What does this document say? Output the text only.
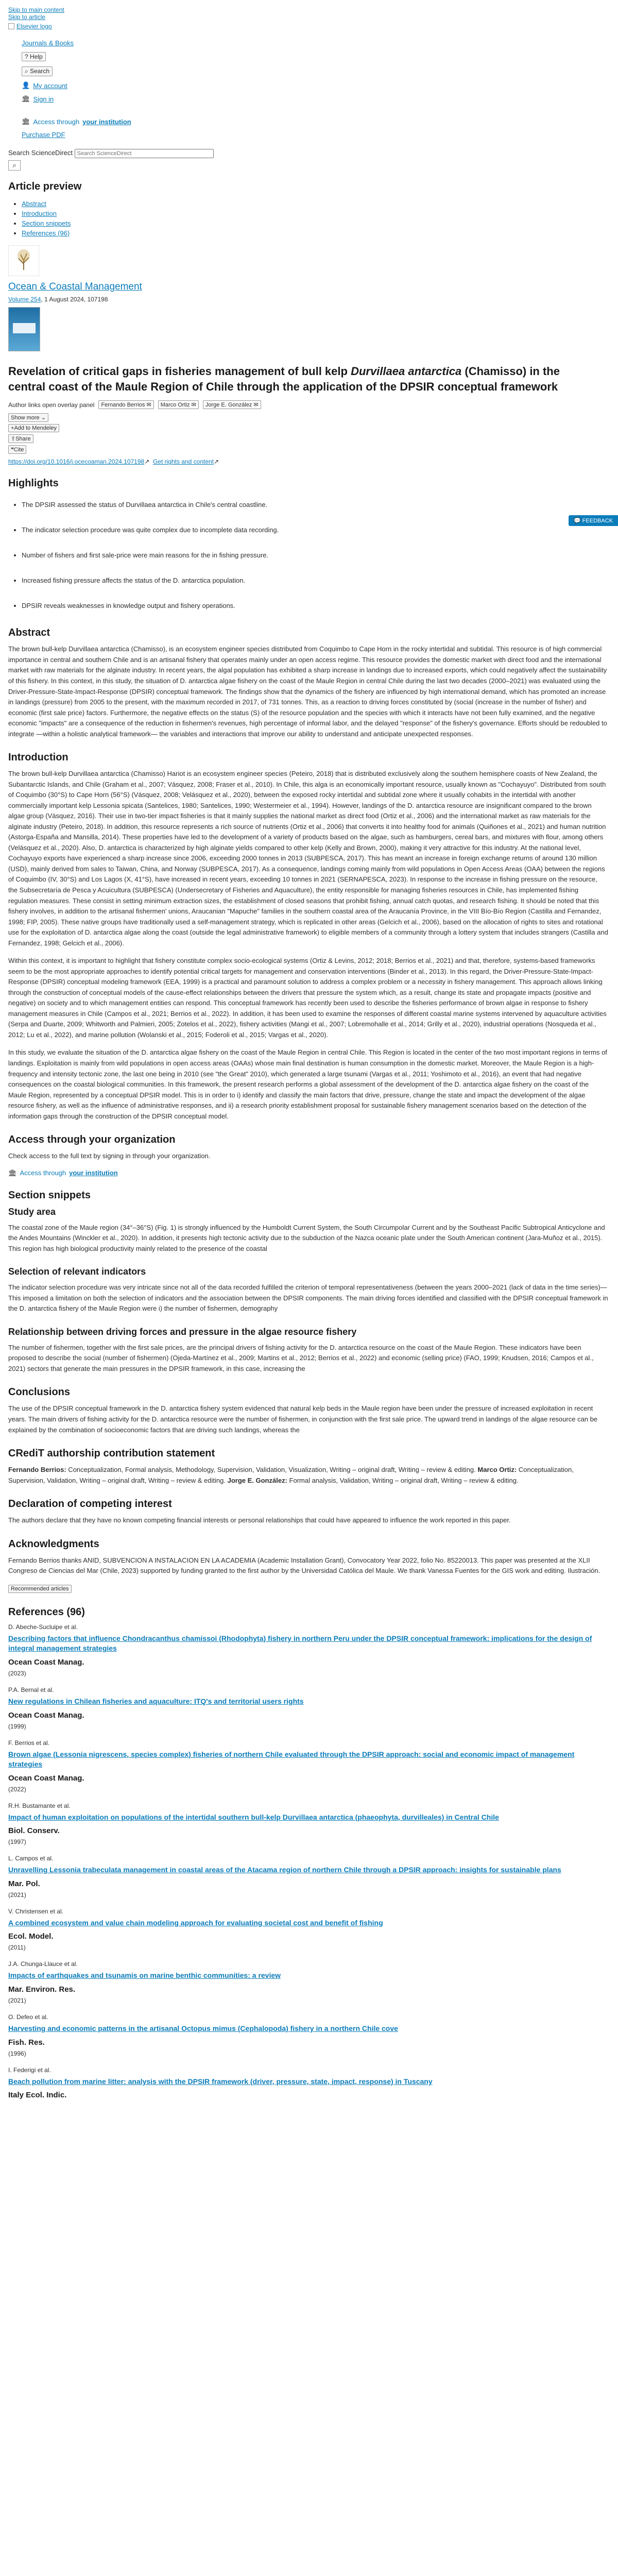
Skip to main content
Skip to article
Elsevier logo
Journals & Books
? Help
⌕ Search
👤 My account
🏛 Sign in
🏛 Access through your institution
Purchase PDF
Search ScienceDirect Search ScienceDirect
⌕
Article preview
• Abstract
• Introduction
• Section snippets
• References (96)
Ocean & Coastal Management
Volume 254, 1 August 2024, 107198
Revelation of critical gaps in fisheries management of bull kelp Durvillaea antarctica (Chamisso) in the central coast of the Maule Region of Chile through the application of the DPSIR conceptual framework
Author links open overlay panel	Fernando Berrios ✉	Marco Ortiz ✉	Jorge E. González ✉
Show more ⌄
+Add to Mendeley
⇪Share
❝Cite
https://doi.org/10.1016/j.ocecoaman.2024.107198↗ Get rights and content↗
Highlights

• The DPSIR assessed the status of Durvillaea antarctica in Chile's central coastline.

• The indicator selection procedure was quite complex due to incomplete data recording.

• Number of fishers and first sale-price were main reasons for the in fishing pressure.

• Increased fishing pressure affects the status of the D. antarctica population.

• DPSIR reveals weaknesses in knowledge output and fishery operations.

Abstract

The brown bull-kelp Durvillaea antarctica (Chamisso), is an ecosystem engineer species distributed from Coquimbo to Cape Horn in the rocky intertidal and subtidal. This resource is of high commercial importance in central and southern Chile and is an artisanal fishery that operates mainly under an open access regime. This resource provides the domestic market with direct food and the international market with raw materials for the alginate industry. In recent years, the algal population has exhibited a sharp increase in landings due to increased exports, which could negatively affect the sustainability of this fishery. In this context, in this study, the situation of D. antarctica algae fishery on the coast of the Maule Region in central Chile during the last two decades (2000–2021) was evaluated using the Driver-Pressure-State-Impact-Response (DPSIR) conceptual framework. The findings show that the dynamics of the fishery are influenced by high international demand, which has promoted an increase in landings (pressure) from 2005 to the present, with the maximum recorded in 2017, of 731 tonnes. This, as a reaction to driving forces constituted by (social (increase in the number of fisher) and economic (first sale price) factors. Furthermore, the negative effects on the status (S) of the resource population and the species with which it interacts have not been fully examined, and the negative economic "impacts" are a consequence of the reduction in fishermen's revenues, high percentage of informal labor, and the delayed "response" of the fishery's governance. Efforts should be redoubled to integrate —within a holistic analytical framework— the variables and interactions that improve our ability to understand and anticipate unexpected responses.

Introduction

The brown bull-kelp Durvillaea antarctica (Chamisso) Hariot is an ecosystem engineer species (Peteiro, 2018) that is distributed exclusively along the southern hemisphere coasts of New Zealand, the Subantarctic Islands, and Chile (Graham et al., 2007; Vásquez, 2008; Fraser et al., 2010). In Chile, this alga is an economically important resource, usually known as "Cochayuyo". Distributed from south of Coquimbo (30°S) to Cape Horn (56°S) (Vásquez, 2008; Velásquez et al., 2020), between the exposed rocky intertidal and subtidal zone where it usually cohabits in the intertidal with another commercially important kelp Lessonia spicata (Santelices, 1980; Santelices, 1990; Westermeier et al., 1994). However, landings of the D. antarctica resource are insignificant compared to the brown algae group (Vásquez, 2016). Their use in two-tier impact fisheries is that it mainly supplies the national market as direct food (Ortiz et al., 2006) and the international market as raw materials for the alginate industry (Peteiro, 2018). In addition, this resource represents a rich source of nutrients (Ortiz et al., 2006) that converts it into healthy food for animals (Quiñones et al., 2021) and human nutrition (Astorga-España and Mansilla, 2014). These properties have led to the development of a variety of products based on the algae, such as hamburgers, cereal bars, and mixtures with flour, among others (Velásquez et al., 2020). Also, D. antarctica is characterized by high alginate yields compared to other kelp (Kelly and Brown, 2000), making it very attractive for this industry. At the national level, Cochayuyo exports have experienced a sharp increase since 2006, exceeding 2000 tonnes in 2013 (SUBPESCA, 2017). This has meant an increase in foreign exchange returns of around 130 million (USD), mainly derived from sales to Taiwan, China, and Norway (SUBPESCA, 2017). As a consequence, landings coming mainly from wild populations in Open Access Areas (OAA) between the regions of Coquimbo (IV, 30°S) and Los Lagos (X, 41°S), have increased in recent years, exceeding 10 tonnes in 2021 (SERNAPESCA, 2023). In response to the increase in fishing pressure on the resource, the Subsecretaría de Pesca y Acuicultura (SUBPESCA) (Undersecretary of Fisheries and Aquaculture), the entity responsible for managing fisheries resources in Chile, has implemented fishing regulation measures. These consist in setting minimum extraction sizes, the establishment of closed seasons that prohibit fishing, annual catch quotas, and research fishing. It should be noted that this fishery involves, in addition to the artisanal fishermen' unions, Araucanian "Mapuche" families in the southern coastal area of the Araucanía Province, in the VIII Bío-Bío Region (Castilla and Fernandez, 1998; FIP, 2005). These native groups have traditionally used a self-management strategy, which is replicated in other areas (Gelcich et al., 2006), based on the allocation of rights to sites and rotational use for the exploitation of D. antarctica algae along the coast (outside the legal administrative framework) to eligible members of a community through a lottery system that includes strangers (Castilla and Fernandez, 1998; Gelcich et al., 2006).

Within this context, it is important to highlight that fishery constitute complex socio-ecological systems (Ortiz & Levins, 2012; 2018; Berrios et al., 2021) and that, therefore, systems-based frameworks seem to be the most appropriate approaches to identify potential critical targets for management and conservation interventions (Binder et al., 2013). In this regard, the Driver-Pressure-State-Impact-Response (DPSIR) conceptual modeling framework (EEA, 1999) is a practical and paramount solution to address a complex problem or a necessity in fishery management. This approach allows linking through the construction of conceptual models of the cause-effect relationships between the drivers that pressure the system which, as a result, change its state and propagate impacts (positive and negative) on society and to which management entities can respond. This conceptual framework has recently been used to describe the fisheries performance of brown algae in response to fishery management measures in Chile (Campos et al., 2021; Berrios et al., 2022). In addition, it has been used to examine the responses of different coastal marine systems intervened by aquaculture activities (Serpa and Duarte, 2009; Whitworth and Palmieri, 2005; Zotelos et al., 2022), fishery activities (Mangi et al., 2007; Lobremohalle et al., 2014; Grilly et al., 2020), industrial operations (Nosqueda et al., 2012; Lu et al., 2022), and marine pollution (Wolanski et al., 2015; Foderoli et al., 2015; Vargas et al., 2020).

In this study, we evaluate the situation of the D. antarctica algae fishery on the coast of the Maule Region in central Chile. This Region is located in the center of the two most important regions in terms of landings. Exploitation is mainly from wild populations in open access areas (OAAs) whose main final destination is human consumption in the domestic market. Moreover, the Maule Region is a high-frequency and intensity tectonic zone, the last one being in 2010 (see "the Great" 2010), which generated a large tsunami (Vargas et al., 2011; Yoshimoto et al., 2016), an event that had negative consequences on the coastal biological communities. In this framework, the present research performs a global assessment of the development of the D. antarctica algae fishery on the coast of the Maule Region, represented by a conceptual DPSIR model. This is in order to i) identify and classify the main factors that drive, pressure, change the state and impact the development of the algae resource fishery, as well as the influence of administrative responses, and ii) a research priority establishment proposal for sustainable fishery management scenarios based on the detection of the information gaps through the construction of the DPSIR conceptual model.

Access through your organization

Check access to the full text by signing in through your organization.

🏛 Access through your institution
Section snippets
Study area

The coastal zone of the Maule region (34°–36°S) (Fig. 1) is strongly influenced by the Humboldt Current System, the South Circumpolar Current and by the Southeast Pacific Subtropical Anticyclone and the Andes Mountains (Winckler et al., 2020). In addition, it presents high tectonic activity due to the subduction of the Nazca oceanic plate under the South American continent (Jara-Muñoz et al., 2015). This region has high biological productivity mainly related to the presence of the coastal

Selection of relevant indicators

The indicator selection procedure was very intricate since not all of the data recorded fulfilled the criterion of temporal representativeness (between the years 2000–2021 (lack of data in the time series)—This imposed a limitation on both the selection of indicators and the association between the DPSIR components. The main driving forces identified and classified with the DPSIR conceptual framework in the D. antarctica fishery of the Maule Region were i) the number of fishermen, demography

Relationship between driving forces and pressure in the algae resource fishery

The number of fishermen, together with the first sale prices, are the principal drivers of fishing activity for the D. antarctica resource on the coast of the Maule Region. These indicators have been proposed to describe the social (number of fishermen) (Ojeda-Martínez et al., 2009; Martins et al., 2012; Berrios et al., 2022) and economic (selling price) (FAO, 1999; Knudsen, 2016; Campos et al., 2021) sectors that generate the main pressures in the DPSIR framework, in this case, increasing the

Conclusions

The use of the DPSIR conceptual framework in the D. antarctica fishery system evidenced that natural kelp beds in the Maule region have been under the pressure of increased exploitation in recent years. The main drivers of fishing activity for the D. antarctica resource were the number of fishermen, in conjunction with the first sale price. The upward trend in landings of the algae resource can be explained by the combination of socioeconomic factors that are driving such landings, whereas the

CRediT authorship contribution statement

Fernando Berrios: Conceptualization, Formal analysis, Methodology, Supervision, Validation, Visualization, Writing – original draft, Writing – review & editing. Marco Ortiz: Conceptualization, Supervision, Validation, Writing – original draft, Writing – review & editing. Jorge E. González: Formal analysis, Validation, Writing – original draft, Writing – review & editing.

Declaration of competing interest

The authors declare that they have no known competing financial interests or personal relationships that could have appeared to influence the work reported in this paper.

Acknowledgments

Fernando Berrios thanks ANID, SUBVENCION A INSTALACION EN LA ACADEMIA (Academic Installation Grant), Convocatory Year 2022, folio No. 85220013. This paper was presented at the XLII Congreso de Ciencias del Mar (Chile, 2023) supported by funding granted to the first author by the Universidad Católica del Maule. We thank Vanessa Fuentes for the GIS work and editing. Ilustración.

Recommended articles
References (96)
D. Abeche-Sucluipe et al.
Describing factors that influence Chondracanthus chamissoi (Rhodophyta) fishery in northern Peru under the DPSIR conceptual framework: implications for the design of integral management strategies
Ocean Coast Manag.
(2023)
P.A. Bernal et al.
New regulations in Chilean fisheries and aquaculture: ITQ's and territorial users rights
Ocean Coast Manag.
(1999)
F. Berrios et al.
Brown algae (Lessonia nigrescens, species complex) fisheries of northern Chile evaluated through the DPSIR approach: social and economic impact of management strategies
Ocean Coast Manag.
(2022)
R.H. Bustamante et al.
Impact of human exploitation on populations of the intertidal southern bull-kelp Durvillaea antarctica (phaeophyta, durvilleales) in Central Chile
Biol. Conserv.
(1997)
L. Campos et al.
Unravelling Lessonia trabeculata management in coastal areas of the Atacama region of northern Chile through a DPSIR approach: insights for sustainable plans
Mar. Pol.
(2021)
V. Christensen et al.
A combined ecosystem and value chain modeling approach for evaluating societal cost and benefit of fishing
Ecol. Model.
(2011)
J.A. Chunga-Llauce et al.
Impacts of earthquakes and tsunamis on marine benthic communities: a review
Mar. Environ. Res.
(2021)
O. Defeo et al.
Harvesting and economic patterns in the artisanal Octopus mimus (Cephalopoda) fishery in a northern Chile cove
Fish. Res.
(1996)
I. Federigi et al.
Beach pollution from marine litter: analysis with the DPSIR framework (driver, pressure, state, impact, response) in Tuscany
Italy Ecol. Indic.
💬 FEEDBACK
